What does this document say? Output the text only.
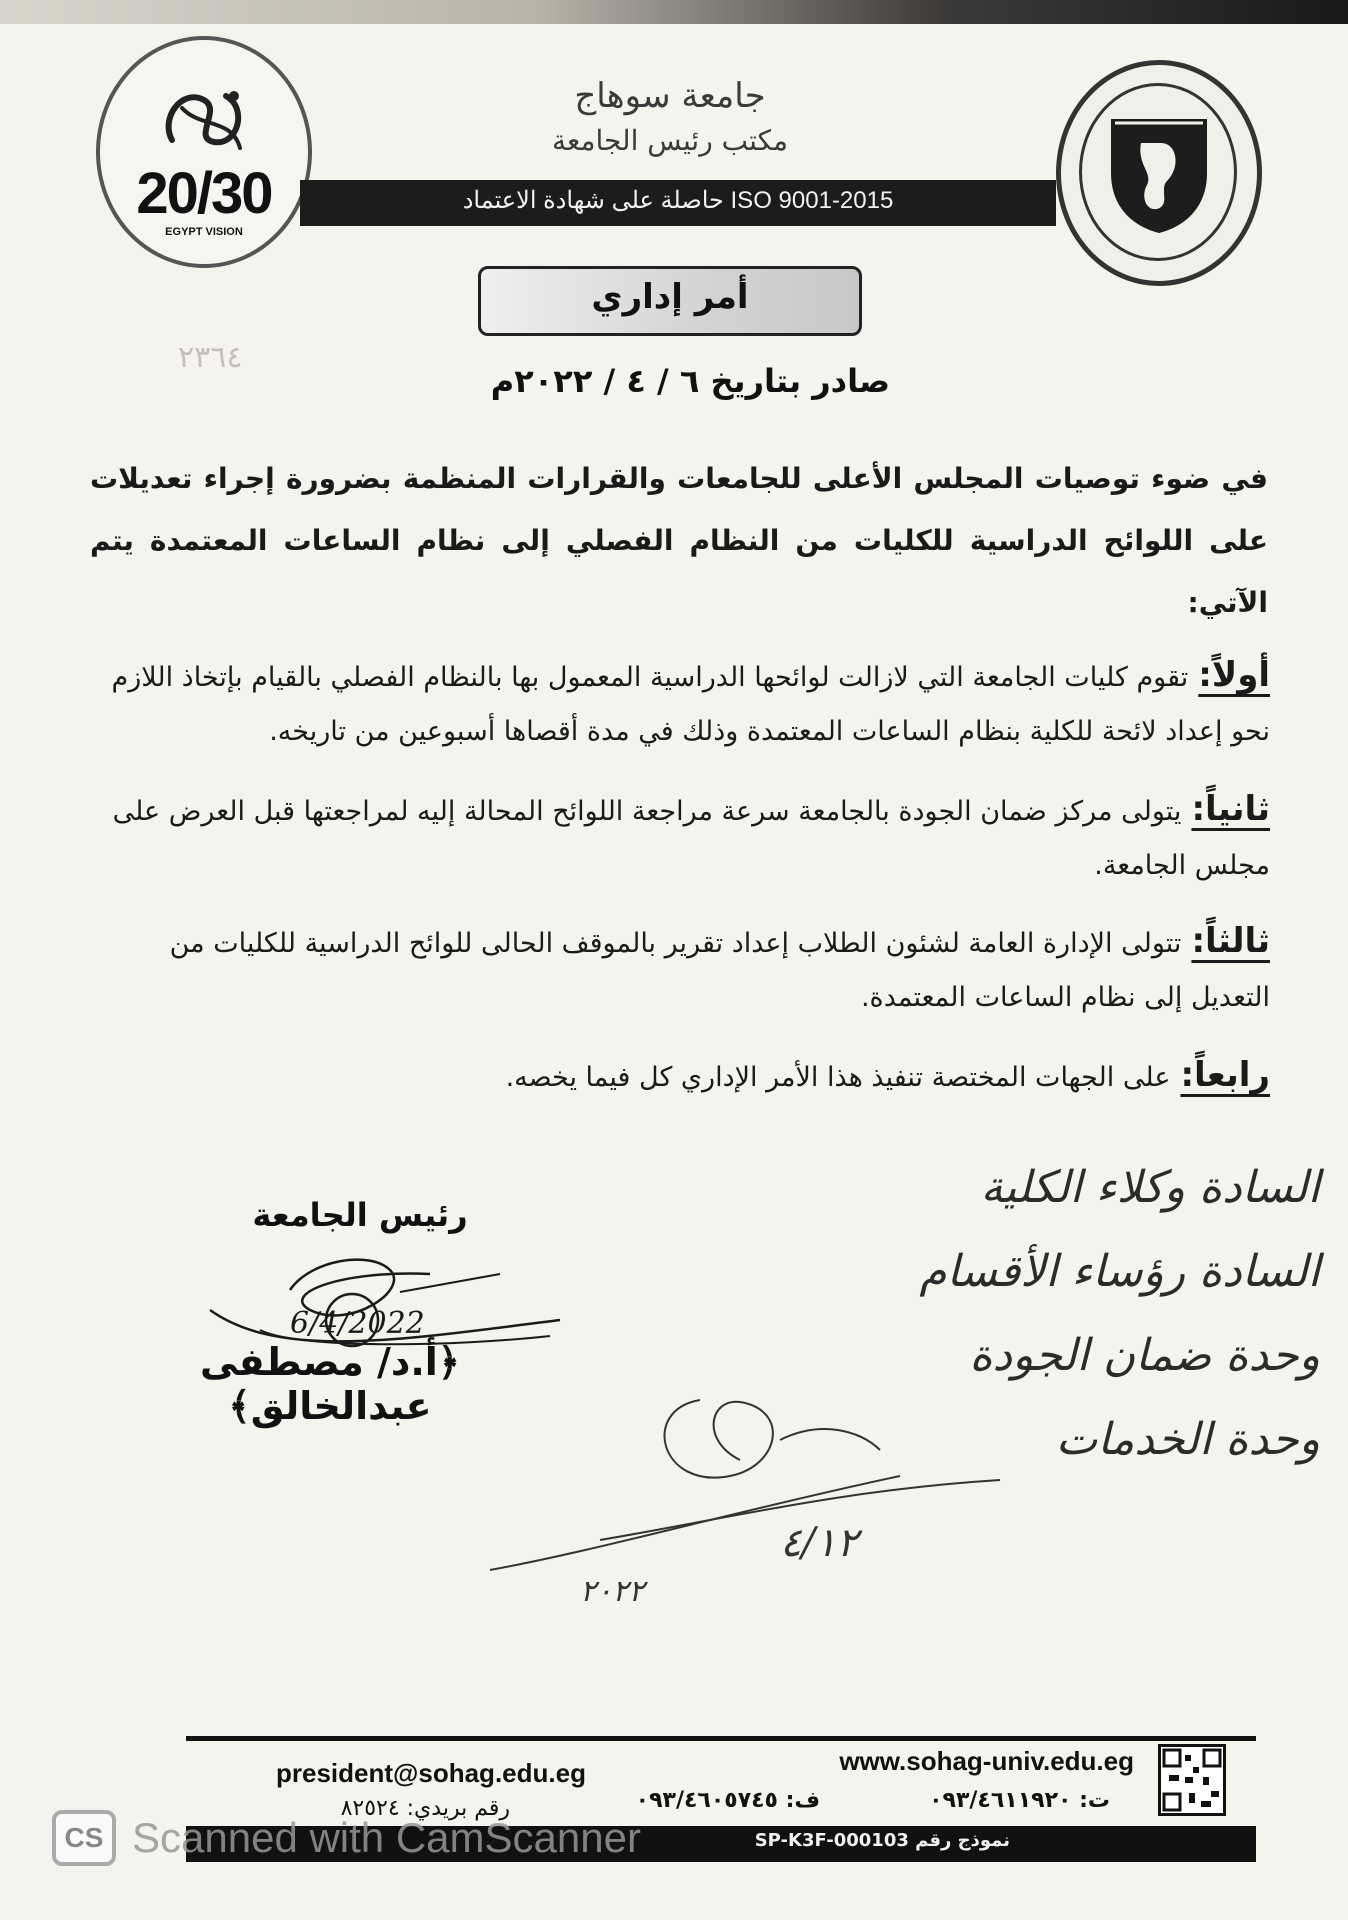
20/30
EGYPT VISION
جامعة سوهاج
مكتب رئيس الجامعة
حاصلة على شهادة الاعتماد ISO 9001-2015
أمر إداري
٢٣٦٤
صادر بتاريخ ٦ / ٤ / ٢٠٢٢م
في ضوء توصيات المجلس الأعلى للجامعات والقرارات المنظمة بضرورة إجراء تعديلات على اللوائح الدراسية للكليات من النظام الفصلي إلى نظام الساعات المعتمدة يتم الآتي:
أولاً:تقوم كليات الجامعة التي لازالت لوائحها الدراسية المعمول بها بالنظام الفصلي بالقيام بإتخاذ اللازم نحو إعداد لائحة للكلية بنظام الساعات المعتمدة وذلك في مدة أقصاها أسبوعين من تاريخه.
ثانياً:يتولى مركز ضمان الجودة بالجامعة سرعة مراجعة اللوائح المحالة إليه لمراجعتها قبل العرض على مجلس الجامعة.
ثالثاً:تتولى الإدارة العامة لشئون الطلاب إعداد تقرير بالموقف الحالى للوائح الدراسية للكليات من التعديل إلى نظام الساعات المعتمدة.
رابعاً:على الجهات المختصة تنفيذ هذا الأمر الإداري كل فيما يخصه.
رئيس الجامعة
6/4/2022
﴿أ.د/ مصطفى عبدالخالق﴾
السادة وكلاء الكلية
السادة رؤساء الأقسام
وحدة ضمان الجودة
وحدة الخدمات
٤/١٢
٢٠٢٢
www.sohag-univ.edu.eg
president@sohag.edu.eg
ت: ٠٩٣/٤٦١١٩٢٠
ف: ٠٩٣/٤٦٠٥٧٤٥
رقم بريدي: ٨٢٥٢٤
نموذج رقم SP-K3F-000103
CS Scanned with CamScanner
